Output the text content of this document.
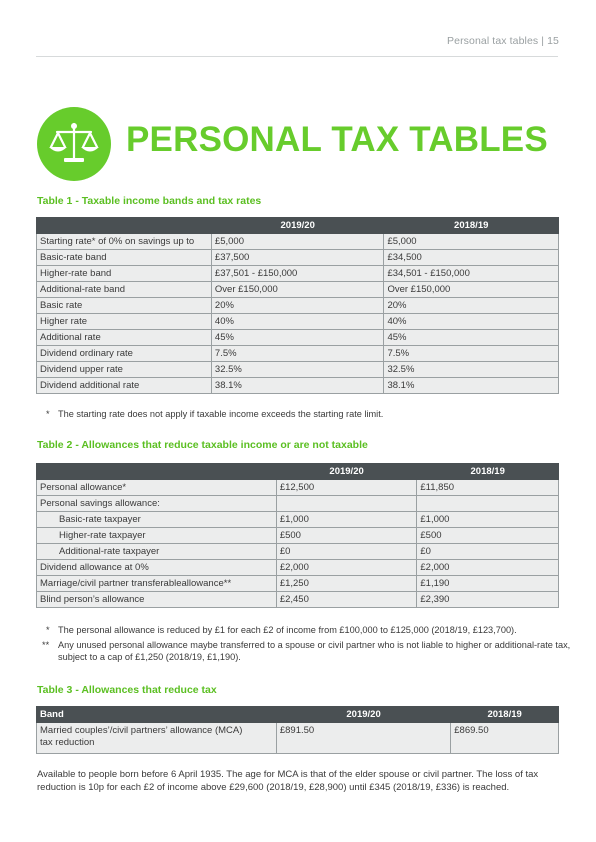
Personal tax tables | 15
PERSONAL TAX TABLES
Table 1 - Taxable income bands and tax rates
	2019/20	2018/19
Starting rate* of 0% on savings up to	£5,000	£5,000
Basic-rate band	£37,500	£34,500
Higher-rate band	£37,501 - £150,000	£34,501 - £150,000
Additional-rate band	Over £150,000	Over £150,000
Basic rate	20%	20%
Higher rate	40%	40%
Additional rate	45%	45%
Dividend ordinary rate	7.5%	7.5%
Dividend upper rate	32.5%	32.5%
Dividend additional rate	38.1%	38.1%
* The starting rate does not apply if taxable income exceeds the starting rate limit.
Table 2 - Allowances that reduce taxable income or are not taxable
	2019/20	2018/19
Personal allowance*	£12,500	£11,850
Personal savings allowance:		
Basic-rate taxpayer	£1,000	£1,000
Higher-rate taxpayer	£500	£500
Additional-rate taxpayer	£0	£0
Dividend allowance at 0%	£2,000	£2,000
Marriage/civil partner transferableallowance**	£1,250	£1,190
Blind person’s allowance	£2,450	£2,390
* The personal allowance is reduced by £1 for each £2 of income from £100,000 to £125,000 (2018/19, £123,700).
** Any unused personal allowance maybe transferred to a spouse or civil partner who is not liable to higher or additional-rate tax,
subject to a cap of £1,250 (2018/19, £1,190).
Table 3 - Allowances that reduce tax
Band	2019/20	2018/19
Married couples’/civil partners’ allowance (MCA)
tax reduction	£891.50	£869.50
Available to people born before 6 April 1935. The age for MCA is that of the elder spouse or civil partner. The loss of tax
reduction is 10p for each £2 of income above £29,600 (2018/19, £28,900) until £345 (2018/19, £336) is reached.
